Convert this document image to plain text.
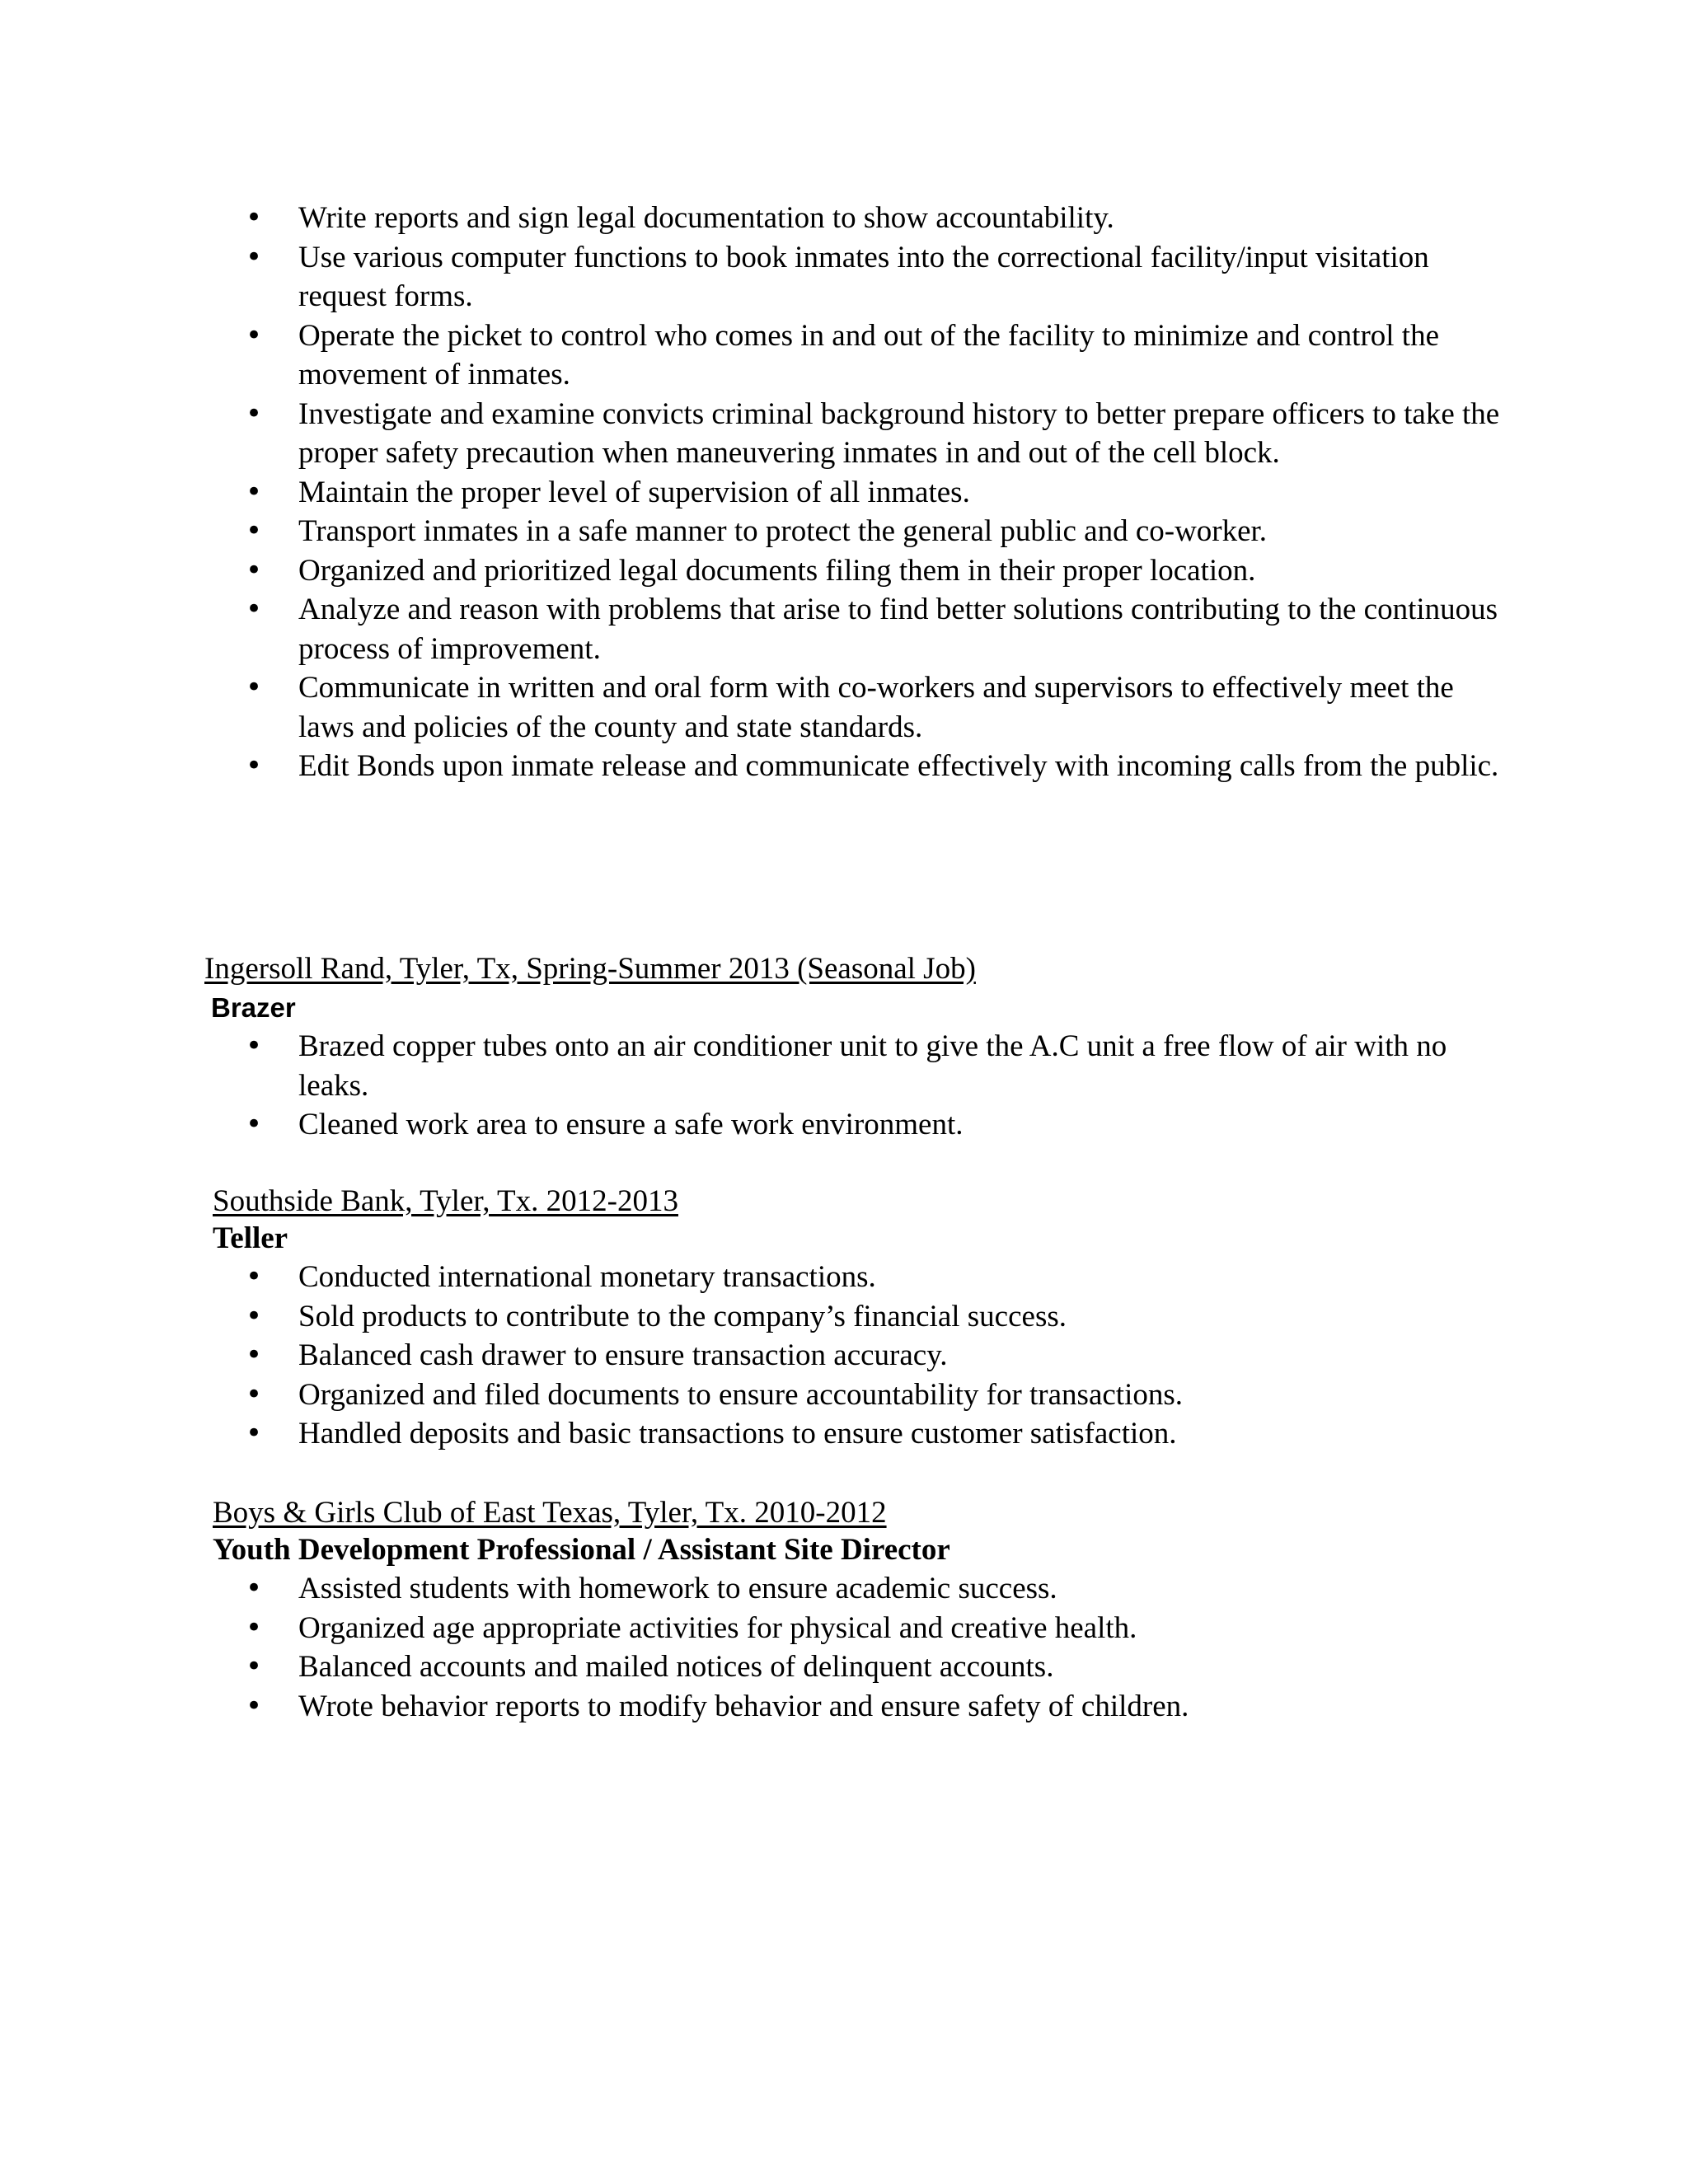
• Write reports and sign legal documentation to show accountability.
• Use various computer functions to book inmates into the correctional facility/input visitation request forms.
• Operate the picket to control who comes in and out of the facility to minimize and control the movement of inmates.
• Investigate and examine convicts criminal background history to better prepare officers to take the proper safety precaution when maneuvering inmates in and out of the cell block.
• Maintain the proper level of supervision of all inmates.
• Transport inmates in a safe manner to protect the general public and co-worker.
• Organized and prioritized legal documents filing them in their proper location.
• Analyze and reason with problems that arise to find better solutions contributing to the continuous process of improvement.
• Communicate in written and oral form with co-workers and supervisors to effectively meet the laws and policies of the county and state standards.
• Edit Bonds upon inmate release and communicate effectively with incoming calls from the public.
Ingersoll Rand, Tyler, Tx, Spring-Summer 2013 (Seasonal Job)
Brazer
• Brazed copper tubes onto an air conditioner unit to give the A.C unit a free flow of air with no leaks.
• Cleaned work area to ensure a safe work environment.
Southside Bank, Tyler, Tx. 2012-2013
Teller
• Conducted international monetary transactions.
• Sold products to contribute to the company’s financial success.
• Balanced cash drawer to ensure transaction accuracy.
• Organized and filed documents to ensure accountability for transactions.
• Handled deposits and basic transactions to ensure customer satisfaction.
Boys & Girls Club of East Texas, Tyler, Tx. 2010-2012
Youth Development Professional / Assistant Site Director
• Assisted students with homework to ensure academic success.
• Organized age appropriate activities for physical and creative health.
• Balanced accounts and mailed notices of delinquent accounts.
• Wrote behavior reports to modify behavior and ensure safety of children.
